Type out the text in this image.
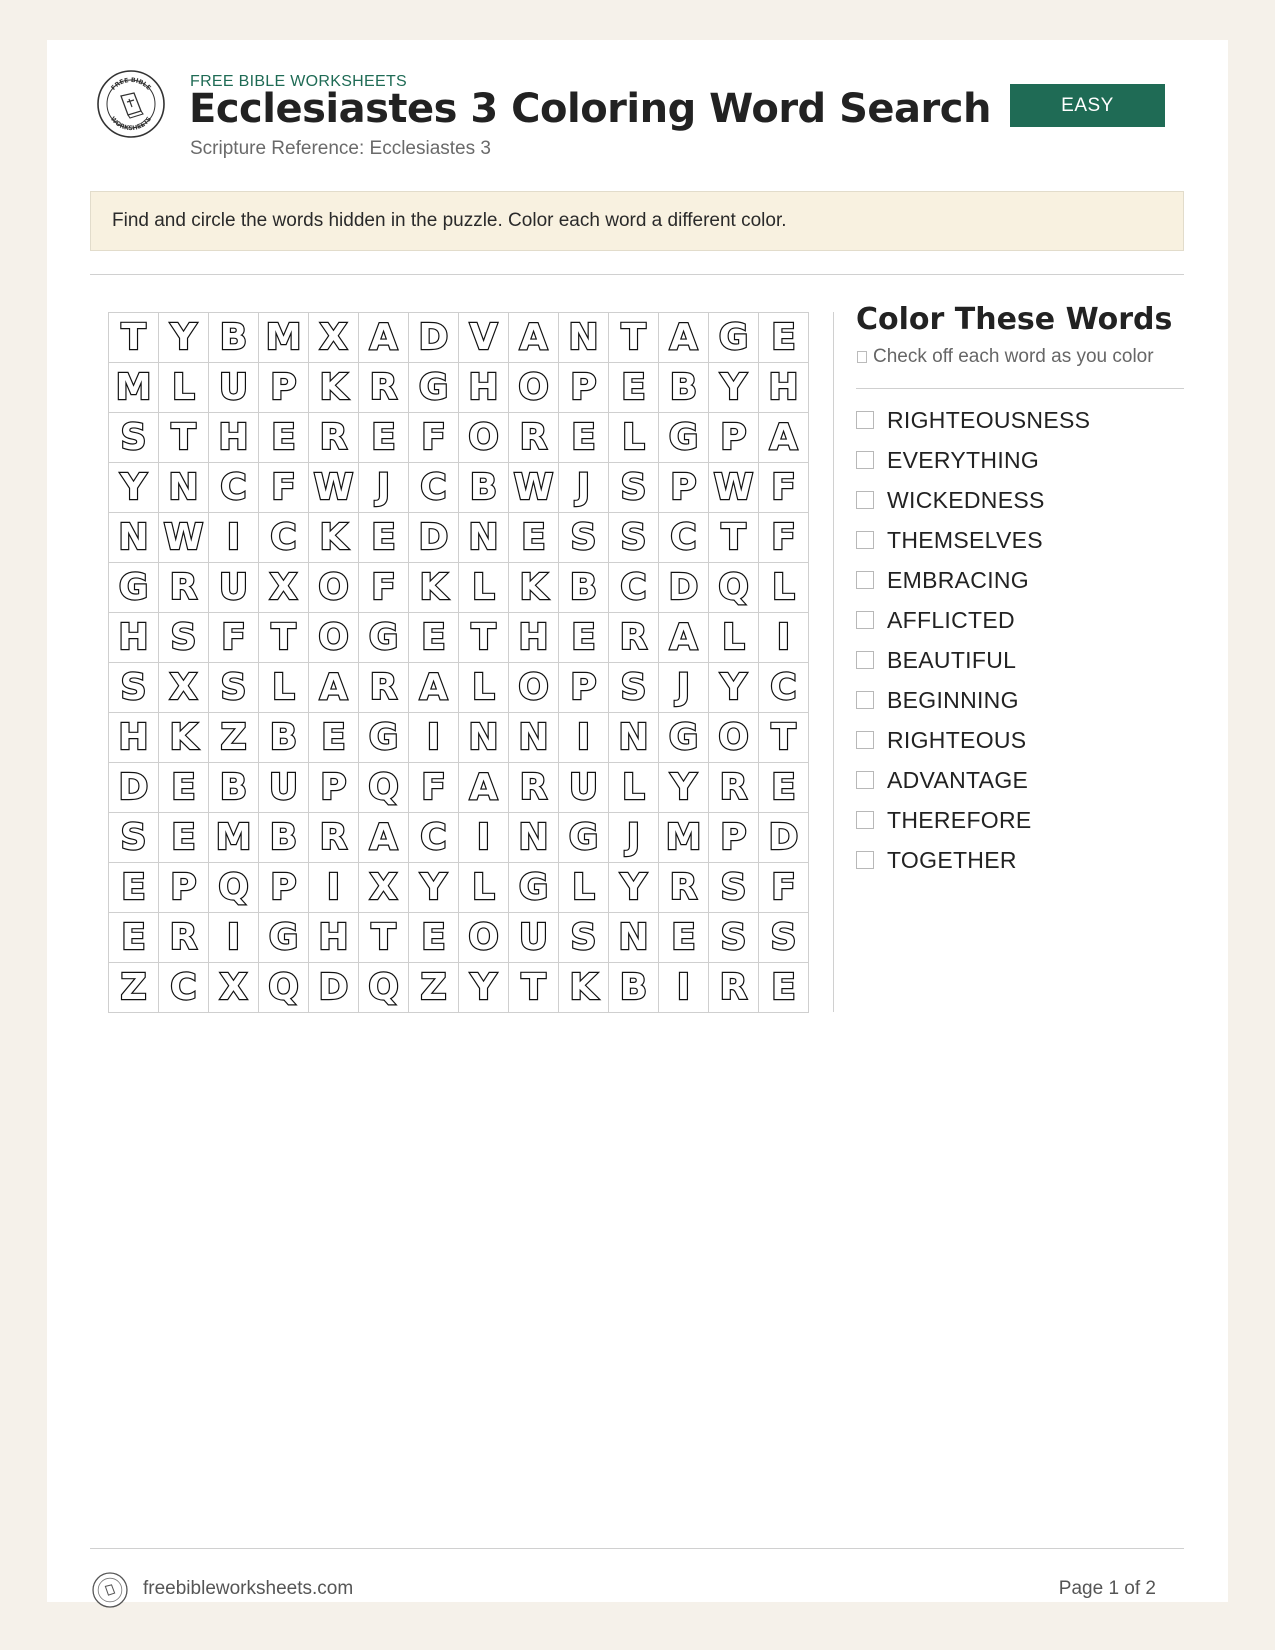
FREE BIBLE
WORKSHEETS
FREE BIBLE WORKSHEETS
Ecclesiastes 3 Coloring Word Search
Scripture Reference: Ecclesiastes 3
EASY
Find and circle the words hidden in the puzzle. Color each word a different color.
T Y B M X A D V A N T A G E
M L U P K R G H O P E B Y H
S T H E R E F O R E L G P A
Y N C F W J C B W J S P W F
N W I C K E D N E S S C T F
G R U X O F K L K B C D Q L
H S F T O G E T H E R A L I
S X S L A R A L O P S J Y C
H K Z B E G I N N I N G O T
D E B U P Q F A R U L Y R E
S E M B R A C I N G J M P D
E P Q P I X Y L G L Y R S F
E R I G H T E O U S N E S S
Z C X Q D Q Z Y T K B I R E
Color These Words
Check off each word as you color
RIGHTEOUSNESS
EVERYTHING
WICKEDNESS
THEMSELVES
EMBRACING
AFFLICTED
BEAUTIFUL
BEGINNING
RIGHTEOUS
ADVANTAGE
THEREFORE
TOGETHER
freebibleworksheets.com	Page 1 of 2
